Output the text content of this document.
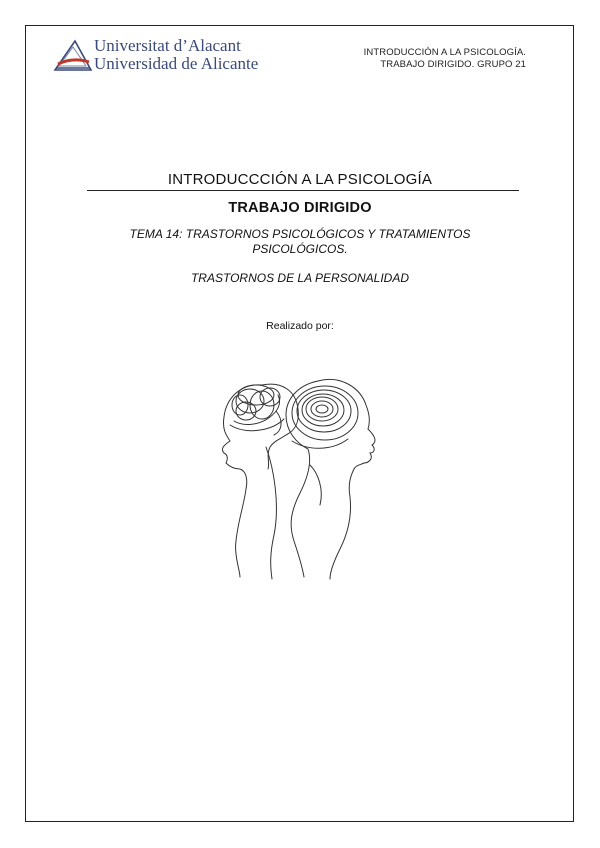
Universitat d’Alacant
Universidad de Alicante
INTRODUCCIÓN A LA PSICOLOGÍA.
TRABAJO DIRIGIDO. GRUPO 21
INTRODUCCCIÓN A LA PSICOLOGÍA
TRABAJO DIRIGIDO
TEMA 14: TRASTORNOS PSICOLÓGICOS Y TRATAMIENTOS PSICOLÓGICOS.
TRASTORNOS DE LA PERSONALIDAD
Realizado por:
